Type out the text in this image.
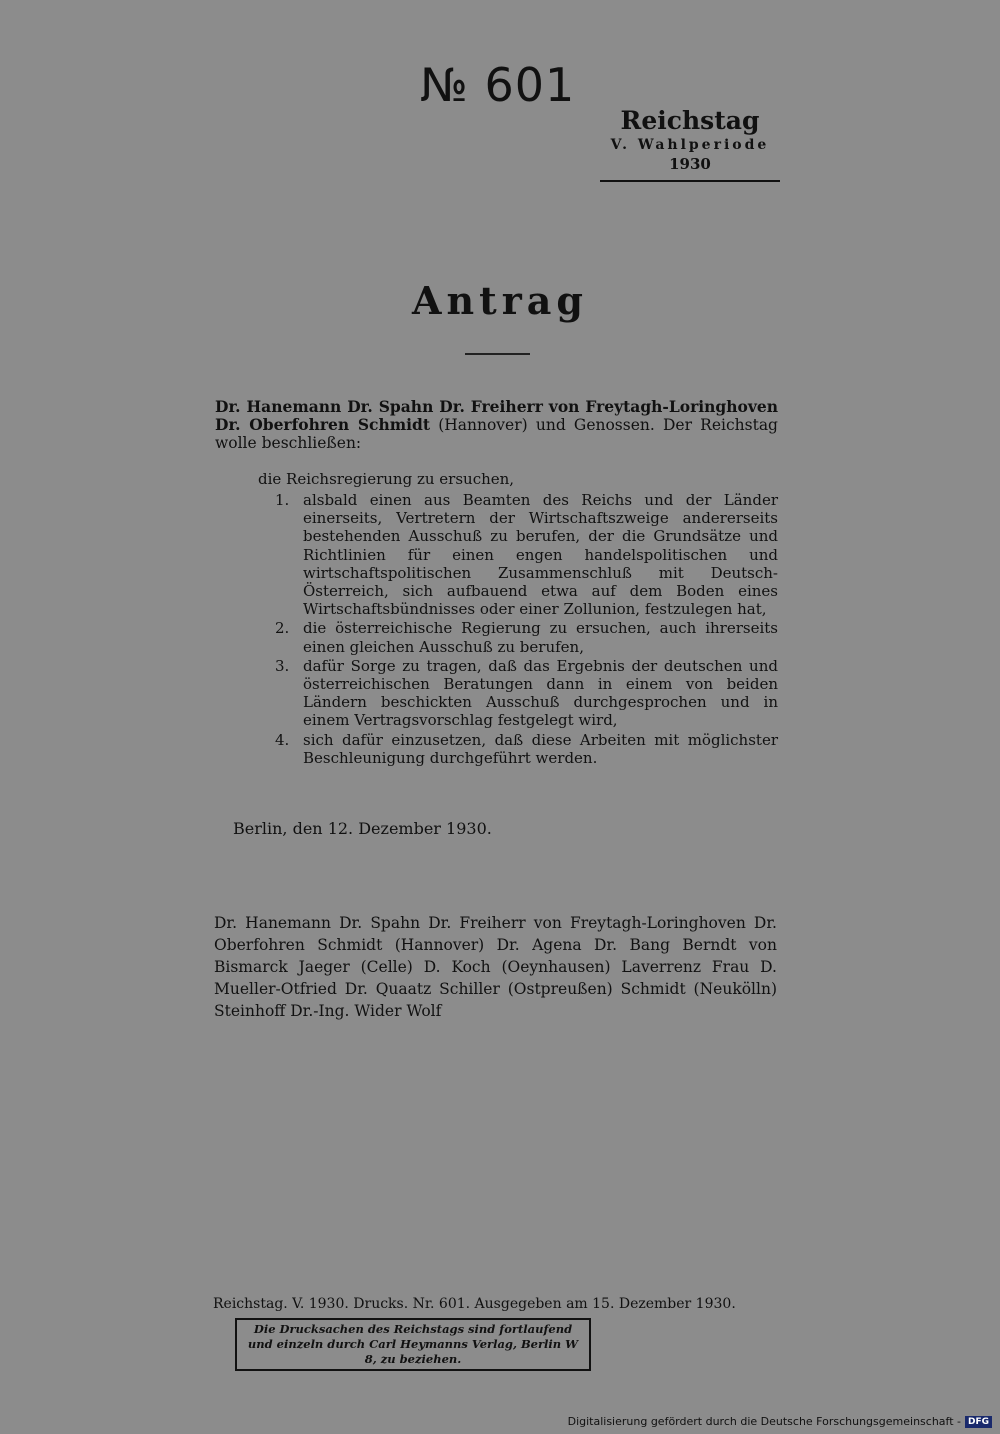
№ 601
Reichstag
V. Wahlperiode
1930
Antrag
Dr. Hanemann Dr. Spahn Dr. Freiherr von Freytagh-Loringhoven Dr. Oberfohren Schmidt (Hannover) und Genossen. Der Reichstag wolle beschließen:
die Reichsregierung zu ersuchen,
1. alsbald einen aus Beamten des Reichs und der Länder einerseits, Vertretern der Wirtschaftszweige andererseits bestehenden Ausschuß zu berufen, der die Grundsätze und Richtlinien für einen engen handelspolitischen und wirtschaftspolitischen Zusammenschluß mit Deutsch-Österreich, sich aufbauend etwa auf dem Boden eines Wirtschaftsbündnisses oder einer Zollunion, festzulegen hat,
2. die österreichische Regierung zu ersuchen, auch ihrerseits einen gleichen Ausschuß zu berufen,
3. dafür Sorge zu tragen, daß das Ergebnis der deutschen und österreichischen Beratungen dann in einem von beiden Ländern beschickten Ausschuß durchgesprochen und in einem Vertragsvorschlag festgelegt wird,
4. sich dafür einzusetzen, daß diese Arbeiten mit möglichster Beschleunigung durchgeführt werden.
Berlin, den 12. Dezember 1930.
Dr. Hanemann Dr. Spahn Dr. Freiherr von Freytagh-Loringhoven Dr. Oberfohren Schmidt (Hannover) Dr. Agena Dr. Bang Berndt von Bismarck Jaeger (Celle) D. Koch (Oeynhausen) Laverrenz Frau D. Mueller-Otfried Dr. Quaatz Schiller (Ostpreußen) Schmidt (Neukölln) Steinhoff Dr.-Ing. Wider Wolf
Reichstag. V. 1930. Drucks. Nr. 601. Ausgegeben am 15. Dezember 1930.
Die Drucksachen des Reichstags sind fortlaufend und einzeln durch Carl Heymanns Verlag, Berlin W 8, zu beziehen.
Digitalisierung gefördert durch die Deutsche Forschungsgemeinschaft - DFG
